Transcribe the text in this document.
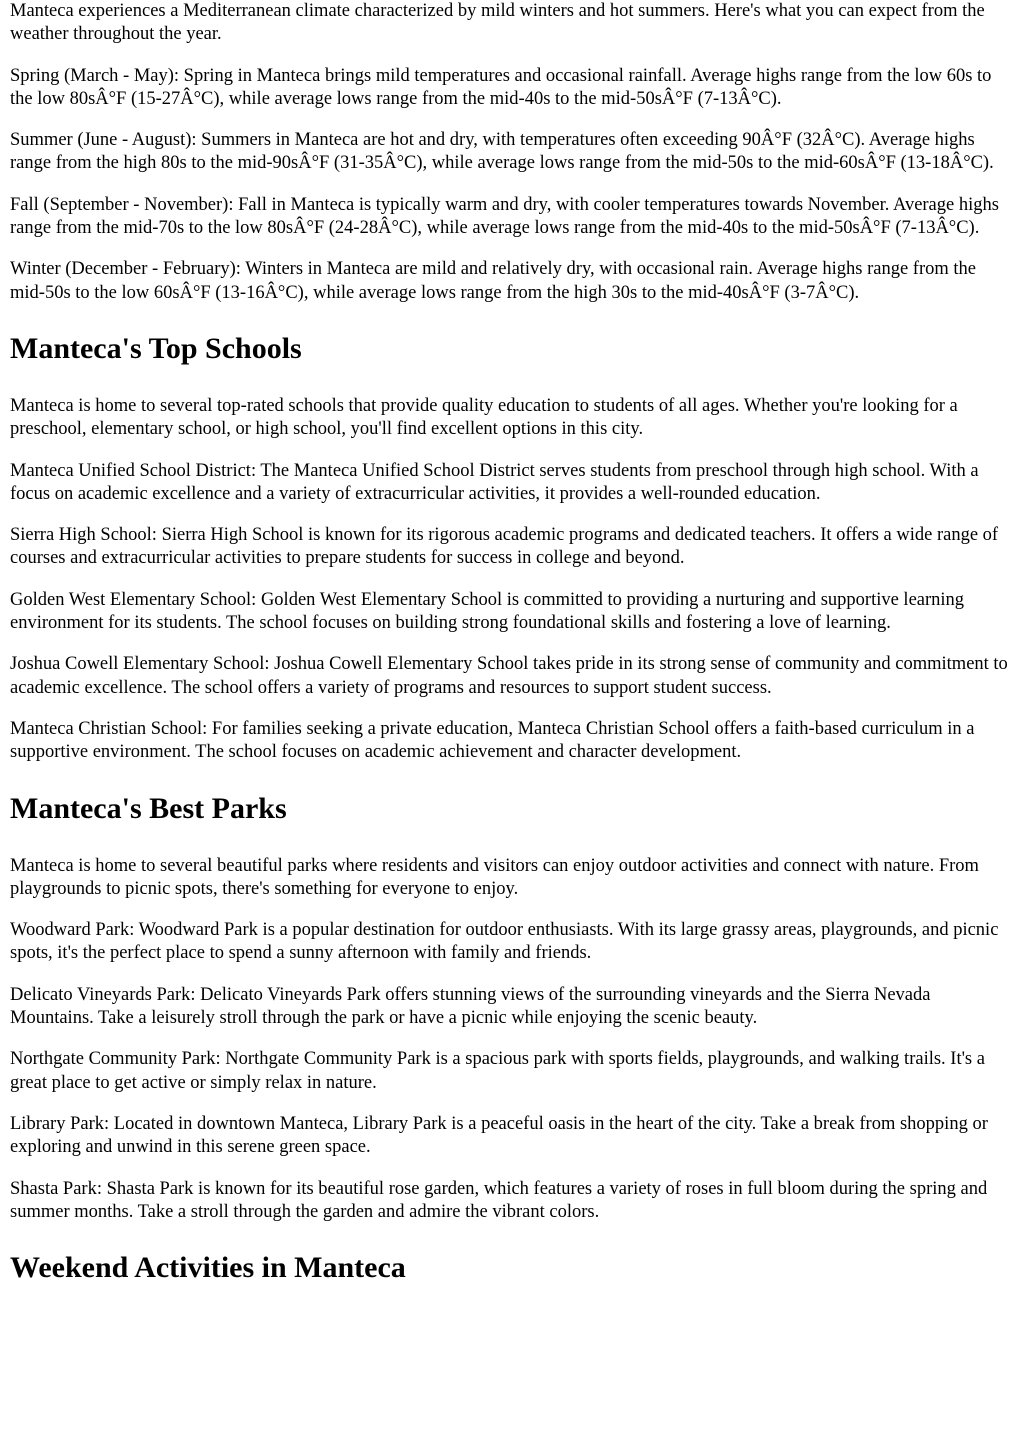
Manteca experiences a Mediterranean climate characterized by mild winters and hot summers. Here's what you can expect from the weather throughout the year.

Spring (March - May): Spring in Manteca brings mild temperatures and occasional rainfall. Average highs range from the low 60s to the low 80sÂ°F (15-27Â°C), while average lows range from the mid-40s to the mid-50sÂ°F (7-13Â°C).

Summer (June - August): Summers in Manteca are hot and dry, with temperatures often exceeding 90Â°F (32Â°C). Average highs range from the high 80s to the mid-90sÂ°F (31-35Â°C), while average lows range from the mid-50s to the mid-60sÂ°F (13-18Â°C).

Fall (September - November): Fall in Manteca is typically warm and dry, with cooler temperatures towards November. Average highs range from the mid-70s to the low 80sÂ°F (24-28Â°C), while average lows range from the mid-40s to the mid-50sÂ°F (7-13Â°C).

Winter (December - February): Winters in Manteca are mild and relatively dry, with occasional rain. Average highs range from the mid-50s to the low 60sÂ°F (13-16Â°C), while average lows range from the high 30s to the mid-40sÂ°F (3-7Â°C).

Manteca's Top Schools

Manteca is home to several top-rated schools that provide quality education to students of all ages. Whether you're looking for a preschool, elementary school, or high school, you'll find excellent options in this city.

Manteca Unified School District: The Manteca Unified School District serves students from preschool through high school. With a focus on academic excellence and a variety of extracurricular activities, it provides a well-rounded education.

Sierra High School: Sierra High School is known for its rigorous academic programs and dedicated teachers. It offers a wide range of courses and extracurricular activities to prepare students for success in college and beyond.

Golden West Elementary School: Golden West Elementary School is committed to providing a nurturing and supportive learning environment for its students. The school focuses on building strong foundational skills and fostering a love of learning.

Joshua Cowell Elementary School: Joshua Cowell Elementary School takes pride in its strong sense of community and commitment to academic excellence. The school offers a variety of programs and resources to support student success.

Manteca Christian School: For families seeking a private education, Manteca Christian School offers a faith-based curriculum in a supportive environment. The school focuses on academic achievement and character development.

Manteca's Best Parks

Manteca is home to several beautiful parks where residents and visitors can enjoy outdoor activities and connect with nature. From playgrounds to picnic spots, there's something for everyone to enjoy.

Woodward Park: Woodward Park is a popular destination for outdoor enthusiasts. With its large grassy areas, playgrounds, and picnic spots, it's the perfect place to spend a sunny afternoon with family and friends.

Delicato Vineyards Park: Delicato Vineyards Park offers stunning views of the surrounding vineyards and the Sierra Nevada Mountains. Take a leisurely stroll through the park or have a picnic while enjoying the scenic beauty.

Northgate Community Park: Northgate Community Park is a spacious park with sports fields, playgrounds, and walking trails. It's a great place to get active or simply relax in nature.

Library Park: Located in downtown Manteca, Library Park is a peaceful oasis in the heart of the city. Take a break from shopping or exploring and unwind in this serene green space.

Shasta Park: Shasta Park is known for its beautiful rose garden, which features a variety of roses in full bloom during the spring and summer months. Take a stroll through the garden and admire the vibrant colors.

Weekend Activities in Manteca
